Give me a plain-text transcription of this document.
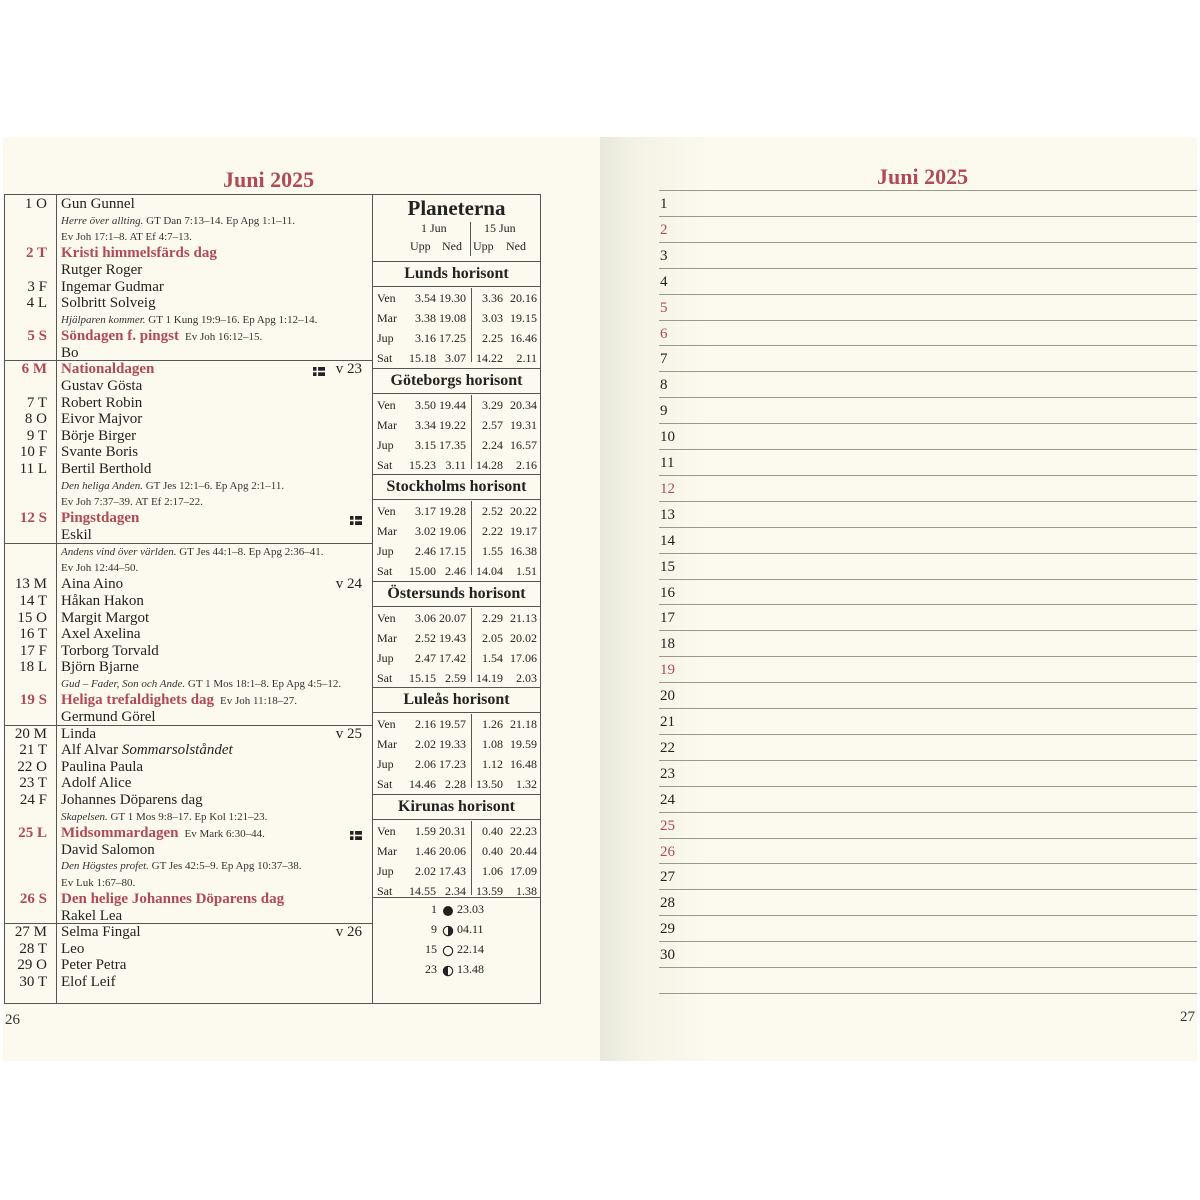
Juni 2025
1 O Gun Gunnel
Herre över allting. GT Dan 7:13–14. Ep Apg 1:1–11.
Ev Joh 17:1–8. AT Ef 4:7–13.
2 T Kristi himmelsfärds dag
Rutger Roger
3 F Ingemar Gudmar
4 L Solbritt Solveig
Hjälparen kommer. GT 1 Kung 19:9–16. Ep Apg 1:12–14.
5 S Söndagen f. pingst Ev Joh 16:12–15.
Bo
6 M Nationaldagen	v 23
Gustav Gösta
7 T Robert Robin
8 O Eivor Majvor
9 T Börje Birger
10 F Svante Boris
11 L Bertil Berthold
Den heliga Anden. GT Jes 12:1–6. Ep Apg 2:1–11.
Ev Joh 7:37–39. AT Ef 2:17–22.
12 S Pingstdagen
Eskil
Andens vind över världen. GT Jes 44:1–8. Ep Apg 2:36–41.
Ev Joh 12:44–50.
13 M Aina Aino	v 24
14 T Håkan Hakon
15 O Margit Margot
16 T Axel Axelina
17 F Torborg Torvald
18 L Björn Bjarne
Gud – Fader, Son och Ande. GT 1 Mos 18:1–8. Ep Apg 4:5–12.
19 S Heliga trefaldighets dag Ev Joh 11:18–27.
Germund Görel
20 M Linda	v 25
21 T Alf Alvar Sommarsolståndet
22 O Paulina Paula
23 T Adolf Alice
24 F Johannes Döparens dag
Skapelsen. GT 1 Mos 9:8–17. Ep Kol 1:21–23.
25 L Midsommardagen Ev Mark 6:30–44.
David Salomon
Den Högstes profet. GT Jes 42:5–9. Ep Apg 10:37–38.
Ev Luk 1:67–80.
26 S Den helige Johannes Döparens dag
Rakel Lea
27 M Selma Fingal	v 26
28 T Leo
29 O Peter Petra
30 T Elof Leif
Planeterna
1 Jun	15 Jun
Upp Ned Upp Ned
1 23.03
9 04.11
15 22.14
23 13.48
Lunds horisont
Ven 3.54 19.30 3.36 20.16
Mar 3.38 19.08 3.03 19.15
Jup 3.16 17.25 2.25 16.46
Sat 15.18 3.07 14.22 2.11
Göteborgs horisont
Ven 3.50 19.44 3.29 20.34
Mar 3.34 19.22 2.57 19.31
Jup 3.15 17.35 2.24 16.57
Sat 15.23 3.11 14.28 2.16
Stockholms horisont
Ven 3.17 19.28 2.52 20.22
Mar 3.02 19.06 2.22 19.17
Jup 2.46 17.15 1.55 16.38
Sat 15.00 2.46 14.04 1.51
Östersunds horisont
Ven 3.06 20.07 2.29 21.13
Mar 2.52 19.43 2.05 20.02
Jup 2.47 17.42 1.54 17.06
Sat 15.15 2.59 14.19 2.03
Luleås horisont
Ven 2.16 19.57 1.26 21.18
Mar 2.02 19.33 1.08 19.59
Jup 2.06 17.23 1.12 16.48
Sat 14.46 2.28 13.50 1.32
Kirunas horisont
Ven 1.59 20.31 0.40 22.23
Mar 1.46 20.06 0.40 20.44
Jup 2.02 17.43 1.06 17.09
Sat 14.55 2.34 13.59 1.38
26
Juni 2025
1
2
3
4
5
6
7
8
9
10
11
12
13
14
15
16
17
18
19
20
21
22
23
24
25
26
27
28
29
30
27
